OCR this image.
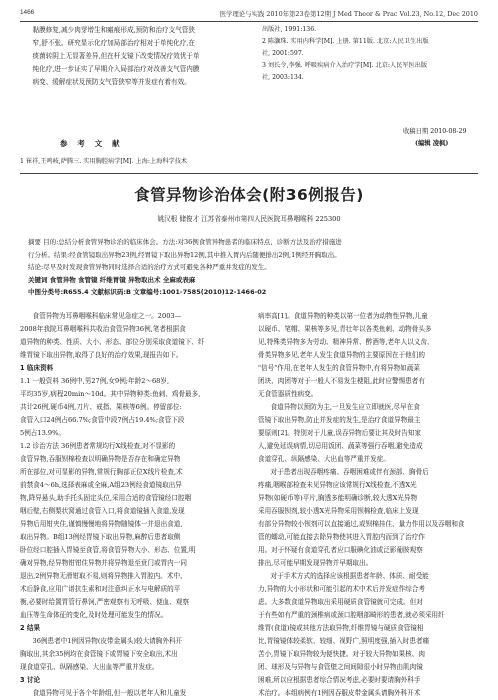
1466	医学理论与实践 2010年第23卷第12期 J Med Theor & Prac Vol.23, No.12, Dec 2010

黏膜修复,减少肉芽增生和瘢痕形成,预防和治疗支气管狭

窄,舒不张。研究显示化疗加局部治疗相对于单纯化疗,在

痰菌转阴上无显著差异,但在杆支镜下改变情况疗效优于单

纯化疗,进一步证实了早期介入局部治疗对改善支气管内膜

病变、缓解症状及预防支气管狭窄等并发症有着有效。

参考文献

1 崔祥,王鸣岐,萨腾三. 实用胸腔病学[M]. 上海:上海科学技术

出版社, 1991:136.

2 陈灏珠. 实用内科学[M]. 上册. 第11版. 北京:人民卫生出版

社, 2001:597.

3 刘长令,李强. 呼吸疾病介入治疗学[M]. 北京:人民军医出版

社, 2003:134.

收稿日期 2010-08-29
(编辑 凌枫)
食管异物诊治体会(附36例报告)
姚汉根 储俊才 江苏省泰州市第四人民医院耳鼻咽喉科 225300
摘要 目的:总结分析食管异物诊治的临床体会。方法:对36例食管异物患者的临床特点、诊断方法及治疗措施进
行分析。结果:经食管镜取出异物23例,经胃镜下取出异物12例,其中推入胃内后随便排出2例,1例经开胸取出。
结论:尽早及时发现食管异物同时选择合适的治疗方式可避免各种严重并发症的发生。
关键词 食管异物 食管镜 纤维胃镜 异物取出术 全麻或表麻
中图分类号:R655.4 文献标识码:B 文章编号:1001-7585(2010)12-1466-02

食管异物为耳鼻咽喉科临床常见急症之一。2003—

2008年我院耳鼻咽喉科共收治食管异物36例,笔者根据食

道异物的种类、性质、大小、形态、部位分别采取食道镜下、纤

维胃镜下取出异物,取得了良好的治疗效果,现报告如下。

1 临床资料

1.1 一般资料 36例中,男27例,女9例;年龄2～68岁,

平均35岁,病程20min～10d。其中异物种类:鱼刺、鸡骨最多,

共计26例,硬币4例,刀片、戒指、果核等6例。停留部位:

食管入口24例占66.7%;食管中段7例占19.4%;食管下段

5例占13.9%。

1.2 诊治方法 36例患者常规均行X线检查,对不显影的

食管异物,吞服钡棉检查以明确异物是否存在和确定异物

所在部位,对可显影的异物,常规行胸部正位X线片检查,术

前禁食4～6h,选择表麻或全麻,A组23例经食道镜取出异

物,降异悬头,助手托头固定头位,采用合适的食管镜经口腔咽

咽后壁,右侧梨状窝通过食管入口,将食道镜插入食道,发现

异物后用钳夹住,谨慎慢慢地将异物随镜体一并退出食道,

取出异物。B组13例经胃镜下取出异物,麻醉后患者取侧

卧位经口腔插入胃镜至食管,将食管异物大小、形态、位置,明

确对异物,经异物钳钳住异物并将异物退至贲门或胃内一同

退出,2例异物无滑钳取不易,则将异物推入胃腔内。术中、

术后静食,应用广谱抗生素和对注意纠正水与电解质的平

衡,必要时给置胃管行鼻饲,严密观察有无呼吸、便血、观察

血压等生命体征的变化,及时处理可能发生的情况。

2 结果

36例患者中1例因异物(皮带金属头)较大请胸外科开

胸取出,其余35例均在食管镜下或胃镜下安全取出,术出

现食道穿孔、纵隔感染、大出血等严重并发症。

3 讨论

食道异物可见于各个年龄组,但一般以老年人和儿童发

病率高[1]。食道异物的种类以第一位者为动物性异物,儿童

以硬币、笔帽、果核等多见,青壮年以各类鱼刺、动物骨头多

见,特殊类异物多为劳动、精神异常、醉酒等,老年人以义齿、

骨类异物多见,老年人发生食道异物的主要原因在于他们的

"信号"作用,在老年人发生的食管异物中,有将异物如蔬菜

团块、肉团等对于一般人不易发生梗阻,此时应警惕患者有

无食管器质性病变。

食道异物以预防为主,一旦发生应立即就医,尽早在食

管镜下取出异物,防止并发症的发生,是治疗食道异物最主

要原则[2]。特别对于儿童,误吞异物后要让其及时告知家

人,避免延误病情,切忌用饭团、蔬菜等强行吞咽,避免造成

食道穿孔、纵隔感染、大出血等严重并发症。

对于患者出现吞咽疼痛、吞咽困难或伴有颈部、胸骨后

疼痛,咽喉部检查未见异物应该常规行X线检查,不透X光

异物(如硬币等)平片,胸透多能明确诊断,较大透X光异物

采用吞服钡剂,较小透X光异物采用钡棉检查,临床上发现

有部分异物较小钡剂可以直接通过,或钡棉挂住、量力作用以及吞咽和食

管的蠕动,可能直接去除异物使其进入胃腔内而到了治疗作

用。对于怀疑有食道穿孔者应口服碘化油或泛影葡胺观察

排出,尽可能早期发现异物并早期取出。

对于手术方式的选择应该根据患者年龄、体质、耐受能

力,异物的大小形状和可能引起的术中术后并发症作综合考

虑。大多数食道异物取出采用硬质食管镜就可完成。但对

于有些如有严重的颈椎病或颈口腔咽部畸形的患者,就必须采用纤

维胃(食道)镜或其他方法取异物,纤维胃镜与硬质食管镜相

比,胃镜镜体较柔软、较细、视野广,照明度强,插入时患者痛

苦小,胃镜下取异物较为便快捷。对于较大异物如果核、肉

团、球形及与异物与食管壁之间间隙很小时异物由肌肉镜

困难,所以应根据患者综合情况考虑,必要时要请胸外科手

术治疗。本组病例有1例因吞服皮带金属头请胸外科开术
